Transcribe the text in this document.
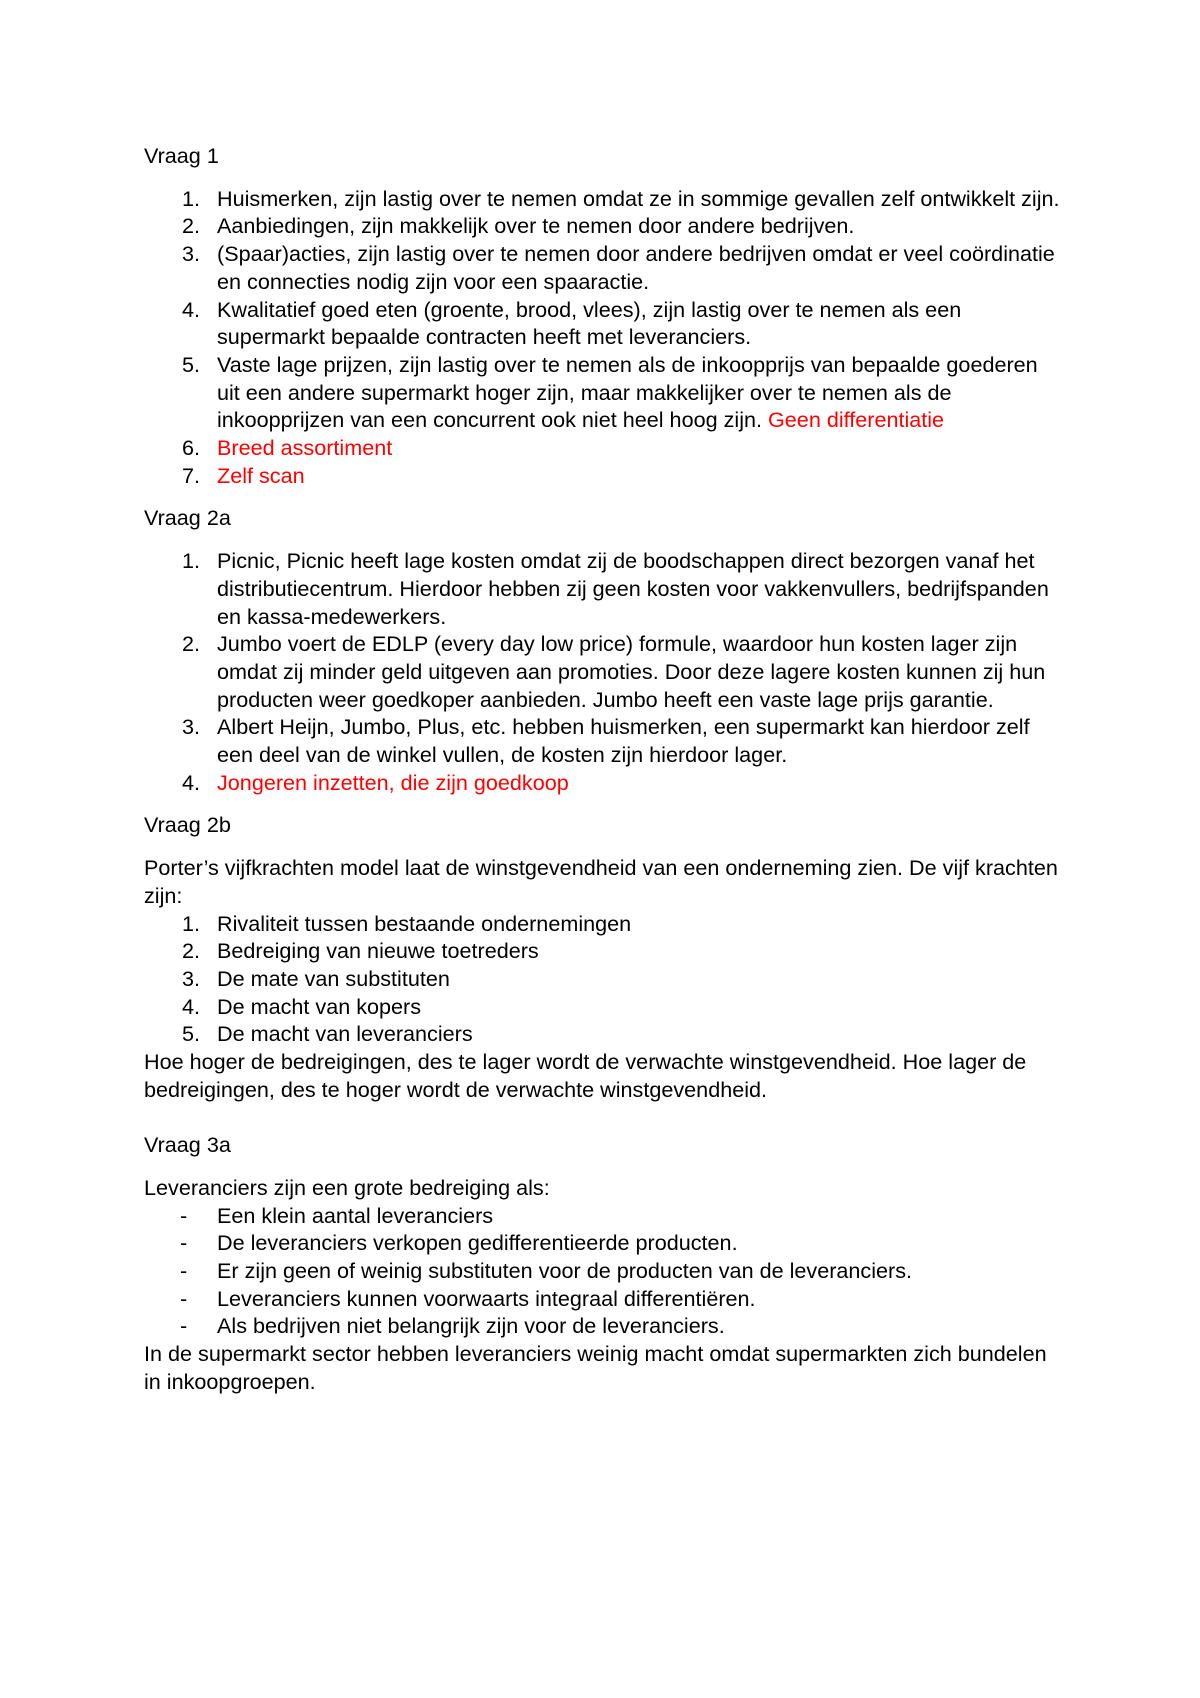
Vraag 1

1. Huismerken, zijn lastig over te nemen omdat ze in sommige gevallen zelf ontwikkelt zijn.
2. Aanbiedingen, zijn makkelijk over te nemen door andere bedrijven.
3. (Spaar)acties, zijn lastig over te nemen door andere bedrijven omdat er veel coördinatie en connecties nodig zijn voor een spaaractie.
4. Kwalitatief goed eten (groente, brood, vlees), zijn lastig over te nemen als een supermarkt bepaalde contracten heeft met leveranciers.
5. Vaste lage prijzen, zijn lastig over te nemen als de inkoopprijs van bepaalde goederen uit een andere supermarkt hoger zijn, maar makkelijker over te nemen als de inkoopprijzen van een concurrent ook niet heel hoog zijn. Geen differentiatie
6. Breed assortiment
7. Zelf scan

Vraag 2a

1. Picnic, Picnic heeft lage kosten omdat zij de boodschappen direct bezorgen vanaf het distributiecentrum. Hierdoor hebben zij geen kosten voor vakkenvullers, bedrijfspanden en kassa-medewerkers.
2. Jumbo voert de EDLP (every day low price) formule, waardoor hun kosten lager zijn omdat zij minder geld uitgeven aan promoties. Door deze lagere kosten kunnen zij hun producten weer goedkoper aanbieden. Jumbo heeft een vaste lage prijs garantie.
3. Albert Heijn, Jumbo, Plus, etc. hebben huismerken, een supermarkt kan hierdoor zelf een deel van de winkel vullen, de kosten zijn hierdoor lager.
4. Jongeren inzetten, die zijn goedkoop

Vraag 2b

Porter’s vijfkrachten model laat de winstgevendheid van een onderneming zien. De vijf krachten zijn:

1. Rivaliteit tussen bestaande ondernemingen
2. Bedreiging van nieuwe toetreders
3. De mate van substituten
4. De macht van kopers
5. De macht van leveranciers

Hoe hoger de bedreigingen, des te lager wordt de verwachte winstgevendheid. Hoe lager de bedreigingen, des te hoger wordt de verwachte winstgevendheid.

Vraag 3a

Leveranciers zijn een grote bedreiging als:

- Een klein aantal leveranciers
- De leveranciers verkopen gedifferentieerde producten.
- Er zijn geen of weinig substituten voor de producten van de leveranciers.
- Leveranciers kunnen voorwaarts integraal differentiëren.
- Als bedrijven niet belangrijk zijn voor de leveranciers.

In de supermarkt sector hebben leveranciers weinig macht omdat supermarkten zich bundelen in inkoopgroepen.
